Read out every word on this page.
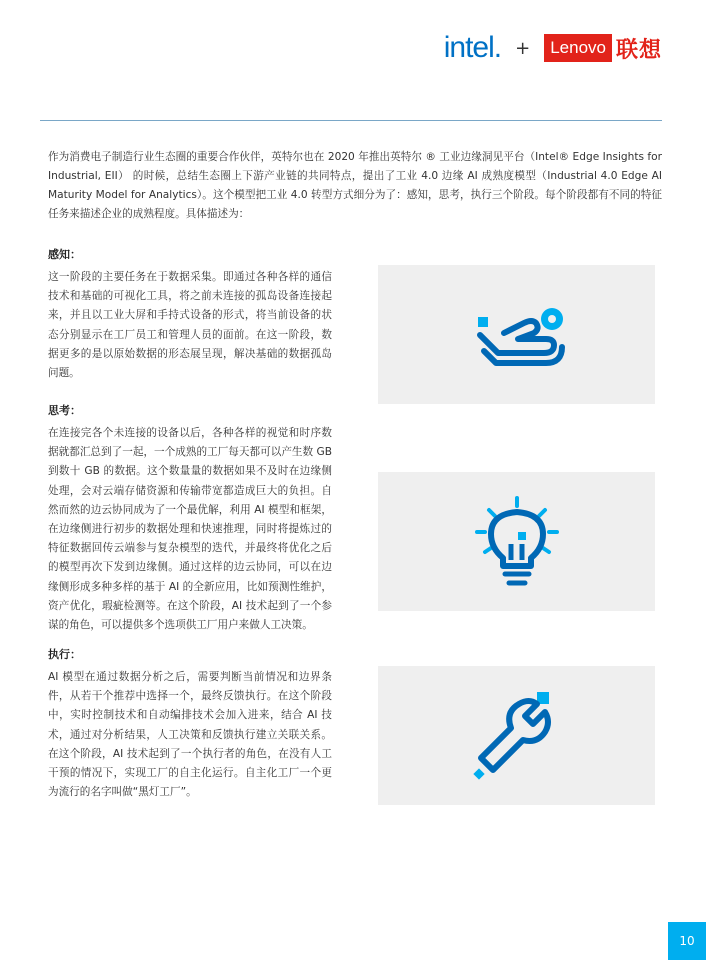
intel. +	Lenovo 联想
作为消费电子制造行业生态圈的重要合作伙伴，英特尔也在 2020 年推出英特尔 ® 工业边缘洞见平台（Intel® Edge Insights for Industrial, EII） 的时候，总结生态圈上下游产业链的共同特点，提出了工业 4.0 边缘 AI 成熟度模型（Industrial 4.0 Edge AI Maturity Model for Analytics）。这个模型把工业 4.0 转型方式细分为了：感知，思考，执行三个阶段。每个阶段都有不同的特征任务来描述企业的成熟程度。具体描述为：
感知：

这一阶段的主要任务在于数据采集。即通过各种各样的通信技术和基础的可视化工具，将之前未连接的孤岛设备连接起来，并且以工业大屏和手持式设备的形式，将当前设备的状态分别显示在工厂员工和管理人员的面前。在这一阶段，数据更多的是以原始数据的形态展呈现，解决基础的数据孤岛问题。

思考：

在连接完各个未连接的设备以后，各种各样的视觉和时序数据就都汇总到了一起，一个成熟的工厂每天都可以产生数 GB 到数十 GB 的数据。这个数量量的数据如果不及时在边缘侧处理，会对云端存储资源和传输带宽都造成巨大的负担。自然而然的边云协同成为了一个最优解，利用 AI 模型和框架，在边缘侧进行初步的数据处理和快速推理，同时将提炼过的特征数据回传云端参与复杂模型的迭代，并最终将优化之后的模型再次下发到边缘侧。通过这样的边云协同，可以在边缘侧形成多种多样的基于 AI 的全新应用，比如预测性维护，资产优化，瑕疵检测等。在这个阶段，AI 技术起到了一个参谋的角色，可以提供多个选项供工厂用户来做人工决策。

执行：

AI 模型在通过数据分析之后，需要判断当前情况和边界条件，从若干个推荐中选择一个，最终反馈执行。在这个阶段中，实时控制技术和自动编排技术会加入进来，结合 AI 技术，通过对分析结果，人工决策和反馈执行建立关联关系。在这个阶段，AI 技术起到了一个执行者的角色，在没有人工干预的情况下，实现工厂的自主化运行。自主化工厂一个更为流行的名字叫做“黑灯工厂”。

10
